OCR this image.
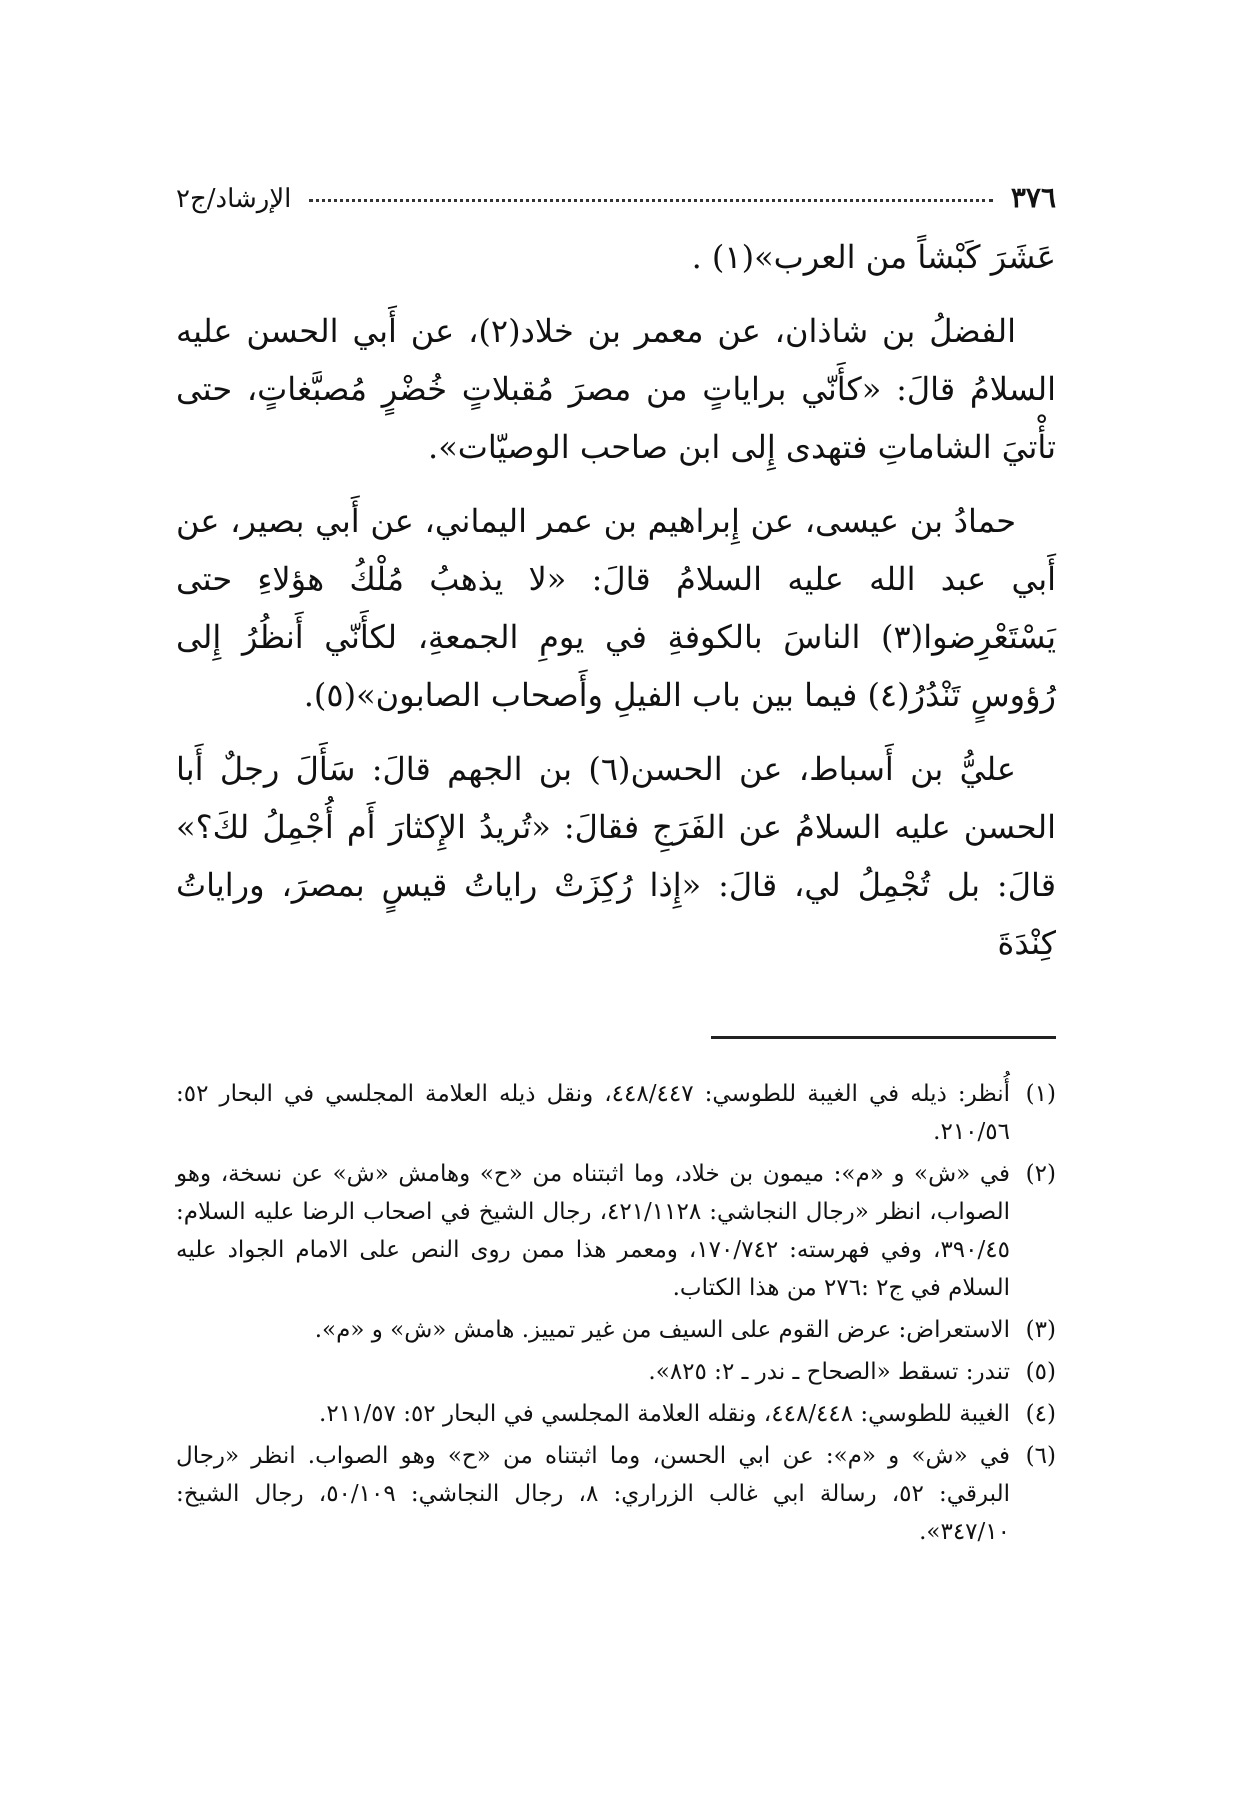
٣٧٦
الإرشاد/ج٢

عَشَرَ كَبْشاً من العرب»(١) .

الفضلُ بن شاذان، عن معمر بن خلاد(٢)، عن أَبي الحسن عليه السلامُ قالَ: «كأَنّي براياتٍ من مصرَ مُقبلاتٍ خُضْرٍ مُصبَّغاتٍ، حتى تأْتيَ الشاماتِ فتهدى إِلى ابن صاحب الوصيّات».

حمادُ بن عيسى، عن إِبراهيم بن عمر اليماني، عن أَبي بصير، عن أَبي عبد الله عليه السلامُ قالَ: «لا يذهبُ مُلْكُ هؤلاءِ حتى يَسْتَعْرِضوا(٣) الناسَ بالكوفةِ في يومِ الجمعةِ، لكأَنّي أَنظُرُ إِلى رُؤوسٍ تَنْدُرُ(٤) فيما بين باب الفيلِ وأَصحاب الصابون»(٥).

عليُّ بن أَسباط، عن الحسن(٦) بن الجهم قالَ: سَأَلَ رجلٌ أَبا الحسن عليه السلامُ عن الفَرَجِ فقالَ: «تُريدُ الإِكثارَ أَم أُجْمِلُ لكَ؟» قالَ: بل تُجْمِلُ لي، قالَ: «إِذا رُكِزَتْ راياتُ قيسٍ بمصرَ، وراياتُ كِنْدَةَ

(١)
أُنظر: ذيله في الغيبة للطوسي: ٤٤٨/٤٤٧، ونقل ذيله العلامة المجلسي في البحار ٥٢: ٢١٠/٥٦.
(٢)
في «ش» و «م»: ميمون بن خلاد، وما اثبتناه من «ح» وهامش «ش» عن نسخة، وهو الصواب، انظر «رجال النجاشي: ٤٢١/١١٢٨، رجال الشيخ في اصحاب الرضا عليه السلام: ٣٩٠/٤٥، وفي فهرسته: ١٧٠/٧٤٢، ومعمر هذا ممن روى النص على الامام الجواد عليه السلام في ج٢ :٢٧٦ من هذا الكتاب.
(٣)
الاستعراض: عرض القوم على السيف من غير تمييز. هامش «ش» و «م».
(٥)
تندر: تسقط «الصحاح ـ ندر ـ ٢: ٨٢٥».
(٤)
الغيبة للطوسي: ٤٤٨/٤٤٨، ونقله العلامة المجلسي في البحار ٥٢: ٢١١/٥٧.
(٦)
في «ش» و «م»: عن ابي الحسن، وما اثبتناه من «ح» وهو الصواب. انظر «رجال البرقي: ٥٢، رسالة ابي غالب الزراري: ٨، رجال النجاشي: ٥٠/١٠٩، رجال الشيخ: ٣٤٧/١٠».
